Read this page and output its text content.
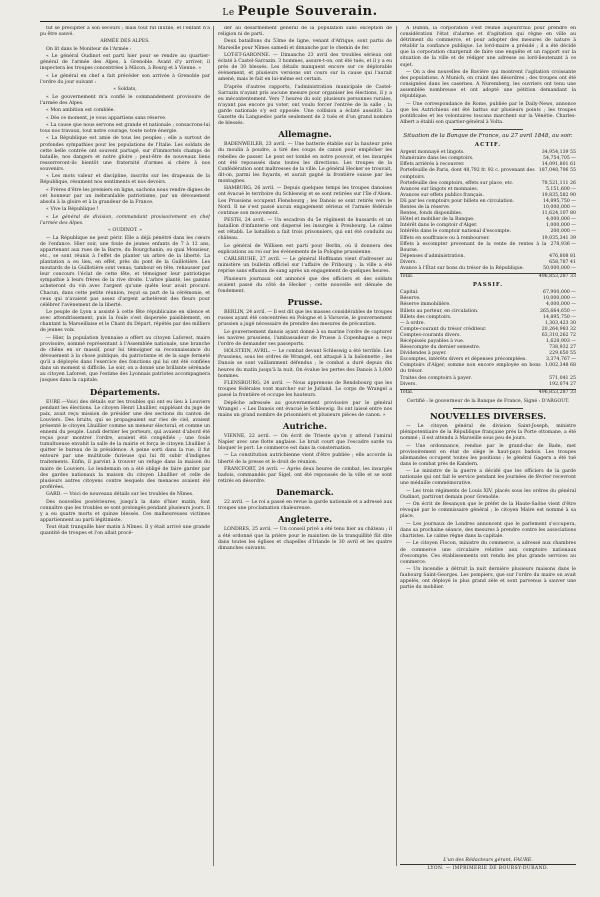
Le Peuple Souverain.

tut se précipiter à son secours ; mais tout fut inutile, et l'enfant n'a pu être sauvé.

ARMÉE DES ALPES.

On lit dans le Moniteur de l'Armée :

« Le général Oudinot est parti hier pour se rendre au quartier-général de l'armée des Alpes, à Grenoble. Avant d'y arriver, il inspectera les troupes concentrées à Mâcon, à Bourg et à Vienne. »

« Le général en chef a fait précéder son arrivée à Grenoble par l'ordre du jour suivant :

« Soldats,

« Le gouvernement m'a confié le commandement provisoire de l'armée des Alpes.

« Mon ambition est comblée.

« Dès ce moment, je vous appartiens sans réserve.

« La cause que nous servons est grande et nationale ; consacrons-lui tous nos travaux, tout notre courage, toute notre énergie.

« La République est amie de tous les peuples ; elle a surtout de profondes sympathies pour les populations de l'Italie. Les soldats de cette belle contrée ont souvent partagé, sur d'immortels champs de bataille, nos dangers et notre gloire ; peut-être de nouveaux liens resserreront-ils bientôt une fraternité d'armes si chère à nos souvenirs.

« Les mots valeur et discipline, inscrits sur les drapeaux de la République, résument nos sentiments et nos devoirs.

« Frères d'être les premiers en ligne, sachons nous rendre dignes de cet honneur par un inébranlable patriotisme, par un dévouement absolu à la gloire et à la grandeur de la France.

« Vive la République !

« Le général de division, commandant provisoirement en chef l'armée des Alpes.

« OUDINOT. »

— La République ne peut périr. Elle a déjà pénétré dans les cœurs de l'enfance. Hier soir, une foule de jeunes enfants de 7 à 12 ans, appartenant aux rues de la Barre, du Bourgchanin, ou quai Monsieur, etc., se sont réunis à l'effet de planter un arbre de la liberté. La plantation a eu lieu, en effet, près du pont de la Guillotière. Les moutards de la Guillotière sont venus, tambour en tête, rehausser par leur concours l'éclat de cette fête, et témoigner leur patriotique sympathie à leurs frères de la rive droite. L'arbre planté, les gamins acheteront du vin avec l'argent qu'une quête leur avait procuré. Chacun, dans cette petite réunion, reçut sa part de la cérémonie, et ceux qui n'avaient pas assez d'argent achetèrent des fleurs pour célébrer l'avènement de la liberté.

Le peuple de Lyon a assisté à cette fête républicaine en silence et avec attendrissement, puis la foule s'est dispersée paisiblement, en chantant la Marseillaise et le Chant du Départ, répétés par des milliers de jeunes voix.

— Hier, la population lyonnaise a offert au citoyen Laforest, maire provisoire, nommé représentant à l'Assemblée nationale, une branche de chêne en or massif, pour lui témoigner sa reconnaissance du dévouement à la chose publique, du patriotisme et de la sage fermeté qu'il a déployés dans l'exercice des fonctions qui lui ont été confiées dans un moment si difficile. Le soir, on a donné une brillante sérénade au citoyen Laforest, que l'estime des Lyonnais patriotes accompagnera jusques dans la capitale.

Départements.

EURE.—Voici des détails sur les troubles qui ont eu lieu à Louviers pendant les élections. Le citoyen Henri Lhuillier, suppléant du juge de paix, avait reçu mission de présider une des sections du canton de Louviers. Des bruits, qui se propageaient sur ries de ciel, avaient présenté le citoyen Lhuillier comme un meneur électoral, et comme un ennemi du peuple. Lundi dernier les porteurs, qui avaient d'abord été reçus pour montrer l'ordre, avaient été congédiés ; une foule tumultueuse envahit la salle de la mairie et força le citoyen Lhuillier à quitter le bureau de la présidence. A peine sorti dans la rue, il fut entouré par une multitude furieuse qui lui fit subir d'indignes traitements. Enfin, il parvint à trouver un refuge dans la maison du maire de Louviers. Le lendemain on a été obligé de faire garder par des gardes nationaux la maison du citoyen Lhuillier et celle de plusieurs autres citoyens contre lesquels des menaces avaient été proférées.

GARD. — Voici de nouveaux détails sur les troubles de Nîmes.

Des nouvelles postérieures, jusqu'à la date d'hier matin, font connaître que les troubles se sont prolongés pendant plusieurs jours. Il y a eu quatre morts et quinze blessés. Ces malheureuses victimes appartiennent au parti légitimiste.

Tout était tranquille hier matin à Nîmes. Il y était arrivé une grande quantité de troupes et l'on allait procé-

der au désarmement général de la population sans exception de religion ni de parti.

Deux bataillons du 53me de ligne, venant d'Afrique, sont partis de Marseille pour Nîmes samedi et dimanche par le chemin de fer.

LOT-ET-GARONNE. — Dimanche 23 avril des troubles sérieux ont éclaté à Castel-Sarrazin. 3 hommes, assure-t-on, ont été tués, et il y a eu près de 30 blessés. Les détails manquent encore sur ce déplorable événement, et plusieurs versions ont cours sur la cause qui l'aurait amené, mais le fait en lui-même est certain.

D'après d'autres rapports, l'administration municipale de Castel-Sarrazin n'ayant pris aucune mesure pour organiser les élections, il y a eu mécontentement. Vers 7 heures du soir, plusieurs personnes rurales, n'ayant pas encore pu voter, ont voulu forcer l'entrée de la salle ; la garde nationale s'y est opposée. Une collision a éclaté aussitôt. La Gazette du Languedoc parle seulement de 2 tués et d'un grand nombre de blessés.

Allemagne.

BADENWEILER, 23 avril. — Une batterie établie sur la hauteur près du moulin à poudre, a tiré des coups de canon pour empêcher les rebelles de passer. Le pont est tombé en notre pouvoir, et les insurgés ont été repoussés dans toutes les directions. Les troupes de la Confédération sont maîtresses de la ville. Le général Hecker se trouvait, dit-on, parmi les fuyards, et aurait gagné la frontière suisse par les montagnes.

HAMBURG, 26 avril. — Depuis quelques temps les troupes danoises ont évacué le territoire du Schleswig et se sont retirées sur l'île d'Alsen. Les Prussiens occupent Flensbourg ; les Danois se sont retirés vers le Nord. Il ne s'est passé aucun engagement sérieux et l'armée fédérale continue son mouvement.

PESTH, 24 avril. — Un escadron du 5e régiment de hussards et un bataillon d'infanterie ont dispersé les insurgés à Presbourg. Le calme est rétabli. Le bataillon a fait trois prisonniers, qui ont été conduits au château.

Le général de Willisen est parti pour Berlin, où il donnera des explications au roi sur les événements de la Pologne prussienne.

CARLSRUHE, 27 avril. — Le général Hoffmann vient d'adresser au ministère un bulletin officiel sur l'affaire de Fribourg ; la ville a été reprise sans effusion de sang après un engagement de quelques heures.

Plusieurs journaux ont annoncé que des officiers et des soldats avaient passé du côté de Hecker ; cette nouvelle est dénuée de fondement.

Prusse.

BERLIN, 24 avril. — Il est dit que les masses considérables de troupes russes ayant été concentrées en Pologne et à Varsovie, le gouvernement prussien a jugé nécessaire de prendre des mesures de précaution.

Le gouvernement danois ayant donné à sa marine l'ordre de capturer les navires prussiens, l'ambassadeur de Prusse à Copenhague a reçu l'ordre de demander ses passeports.

HOLSTEIN, AVRIL. — Le combat devant Schleswig a été terrible. Les Prussiens, sous les ordres de Wrangel, ont attaqué à la baïonnette ; les Danois se sont vaillamment défendus ; le combat a duré depuis dix heures du matin jusqu'à la nuit. On évalue les pertes des Danois à 3,000 hommes.

FLENSBOURG, 24 avril. — Nous apprenons de Rendsbourg que les troupes fédérales vont marcher sur le Jutland. Le corps de Wrangel a passé la frontière et occupe les hauteurs.

Dépêche adressée au gouvernement provisoire par le général Wrangel : « Les Danois ont évacué le Schleswig. Ils ont laissé entre nos mains un grand nombre de prisonniers et plusieurs pièces de canon. »

Autriche.

VIENNE, 22 avril. — On écrit de Trieste qu'on y attend l'amiral Napier avec une flotte anglaise. Le bruit court que l'escadre sarde va bloquer le port. Le commerce est dans la consternation.

— La constitution autrichienne vient d'être publiée ; elle accorde la liberté de la presse et le droit de réunion.

FRANCFORT, 24 avril. — Après deux heures de combat, les insurgés badois, commandés par Sigel, ont été repoussés de la ville et se sont retirés en désordre.

Danemarck.

22 avril. — Le roi a passé en revue la garde nationale et a adressé aux troupes une proclamation chaleureuse.

Angleterre.

LONDRES, 25 avril. — Un conseil privé a été tenu hier au château ; il a été ordonné que la prière pour le maintien de la tranquillité fût dite dans toutes les églises et chapelles d'Irlande le 30 avril et les quatre dimanches suivants.

A Dublin, la corporation s'est réunie aujourd'hui pour prendre en considération l'état d'alarme et d'agitation qui règne en ville au détriment du commerce, et pour adopter des mesures de nature à rétablir la confiance publique. Le lord-maire a présidé ; il a été décidé que la corporation chargerait de faire une enquête et un rapport sur la situation de la ville et de rédiger une adresse au lord-lieutenant à ce sujet.

— On a des nouvelles de Bavière qui montrent l'agitation croissante des populations. A Munich, on craint des désordres ; des troupes ont été consignées dans les casernes. A Nuremberg, les ouvriers ont tenu une assemblée nombreuse et ont adopté une pétition demandant la république.

— Une correspondance de Rome, publiée par le Daily-News, annonce que les Autrichiens ont été battus sur plusieurs points ; les troupes pontificales et les volontaires toscans marchent sur la Vénétie. Charles-Albert a établi son quartier-général à Volta.

Situation de la Banque de France, au 27 avril 1848, au soir.
ACTIF.
Argent monnayé et lingots.	34,954,139 55
Numéraire dans les comptoirs.	54,754,705 —
Effets arriérés à recouvrer.	14,091,801 61
Portefeuille de Paris, dont 48,792 fr. 92 c. provenant des comptoirs.
187,048,796 55
Portefeuille des comptoirs, effets sur place, etc.	78,521,111 26
Avances sur lingots et monnaies.	5,151,600 —
Avances sur effets publics français.	19,835,582 90
Dû par les comptoirs pour billets en circulation.	14,895,750 —
Rentes de la réserve.	10,000,000 —
Rentes, fonds disponibles.	11,624,107 80
Hôtel et mobilier de la Banque.	4,000,000 —
Intérêt dans le comptoir d'Alger.	1,000,000 —
Intérêts dans le comptoir national d'escompte.	200,000 —
Effets en souffrance ou à rembourser.	19,035,341 39
Effets à escompter provenant de la vente de rentes à la Bourse.
278,936 —
Dépenses d'administration.	476,808 81
Divers.	658,787 41
Avance à l'État sur bons du trésor de la République.	50,000,000 —
Total.	496,853,287 33
PASSIF.
Capital.	67,900,000 —
Réserve.	10,000,000 —
Réserve immobilière.	4,000,000 —
Billets au porteur, en circulation.	265,664,650 —
Billets des comptoirs.	14,895,750 —
— à ordre.	1,303,423 30
Compte-courant du trésor créditeur.	20,264,983 32
Comptes-courants divers.	63,310,262 72
Récépissés payables à vue.	1,628,903 —
Réescompte du dernier semestre.	738,932 27
Dividendes à payer.	229,650 55
Escomptes, intérêts divers et dépenses précomptées.	3,374,767 —
Comptoirs d'Alger, somme non encore employée en bons du trésor.
1,002,348 68
Traites des comptoirs à payer.	571,041 25
Divers.	192,074 27
Total.	496,853,287 33
Certifié : le gouverneur de la Banque de France, Signé : D'ARGOUT.
NOUVELLES DIVERSES.

— Le citoyen général de division Saint-Joseph, ministre plénipotentiaire de la République française près la Porte ottomane, a été nommé ; il est attendu à Marseille sous peu de jours.

— Une ordonnance, rendue par le grand-duc de Bade, met provisoirement en état de siège le haut-pays badois. Les troupes allemandes occupent toutes les positions ; le général Gagern a été tué dans le combat près de Kandern.

— Le ministre de la guerre a décidé que les officiers de la garde nationale qui ont fait le service pendant les journées de février recevront une médaille commémorative.

— Les trois régiments de Louis XIV, placés sous les ordres du général Oudinot, partiront demain pour Grenoble.

— On écrit de Besançon que le préfet de la Haute-Saône vient d'être révoqué par le commissaire général ; le citoyen Maire est nommé à sa place.

— Les journaux de Londres annoncent que le parlement s'occupera, dans sa prochaine séance, des mesures à prendre contre les associations chartistes. Le calme règne dans la capitale.

— Le citoyen Flocon, ministre du commerce, a adressé aux chambres de commerce une circulaire relative aux comptoirs nationaux d'escompte. Ces établissements ont rendu les plus grands services au commerce.

— Un incendie a détruit la nuit dernière plusieurs maisons dans le faubourg Saint-Georges. Les pompiers, que sur l'ordre du maire on avait appelés, ont déployé le plus grand zèle et sont parvenus à sauver une partie du mobilier.

L'un des Rédacteurs gérant, FAURE.
LYON. — IMPRIMERIE DE BOURSY-DURAND.
